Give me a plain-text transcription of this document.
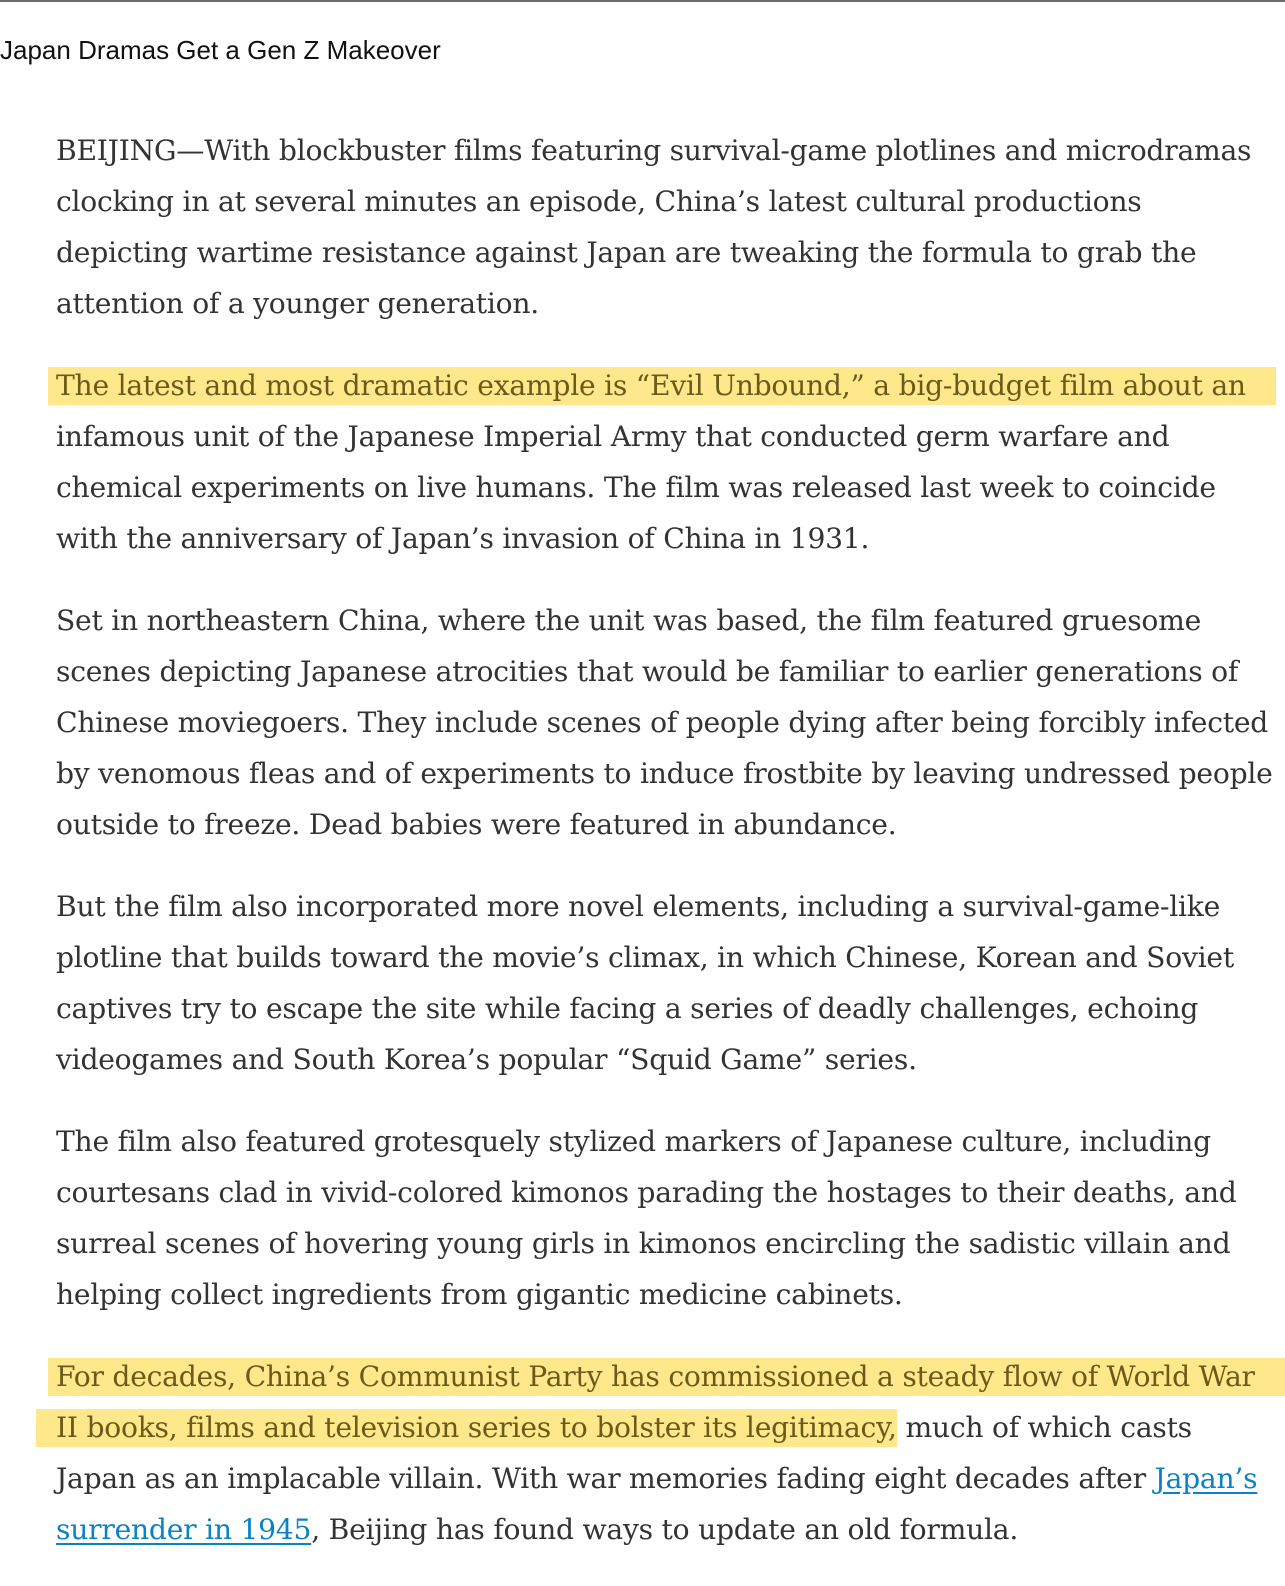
Japan Dramas Get a Gen Z Makeover

BEIJING—With blockbuster films featuring survival-game plotlines and microdramas
clocking in at several minutes an episode, China’s latest cultural productions
depicting wartime resistance against Japan are tweaking the formula to grab the
attention of a younger generation.

The latest and most dramatic example is “Evil Unbound,” a big-budget film about an
infamous unit of the Japanese Imperial Army that conducted germ warfare and
chemical experiments on live humans. The film was released last week to coincide
with the anniversary of Japan’s invasion of China in 1931.

Set in northeastern China, where the unit was based, the film featured gruesome
scenes depicting Japanese atrocities that would be familiar to earlier generations of
Chinese moviegoers. They include scenes of people dying after being forcibly infected
by venomous fleas and of experiments to induce frostbite by leaving undressed people
outside to freeze. Dead babies were featured in abundance.

But the film also incorporated more novel elements, including a survival-game-like
plotline that builds toward the movie’s climax, in which Chinese, Korean and Soviet
captives try to escape the site while facing a series of deadly challenges, echoing
videogames and South Korea’s popular “Squid Game” series.

The film also featured grotesquely stylized markers of Japanese culture, including
courtesans clad in vivid-colored kimonos parading the hostages to their deaths, and
surreal scenes of hovering young girls in kimonos encircling the sadistic villain and
helping collect ingredients from gigantic medicine cabinets.

For decades, China’s Communist Party has commissioned a steady flow of World War
II books, films and television series to bolster its legitimacy, much of which casts
Japan as an implacable villain. With war memories fading eight decades after Japan’s
surrender in 1945, Beijing has found ways to update an old formula.
